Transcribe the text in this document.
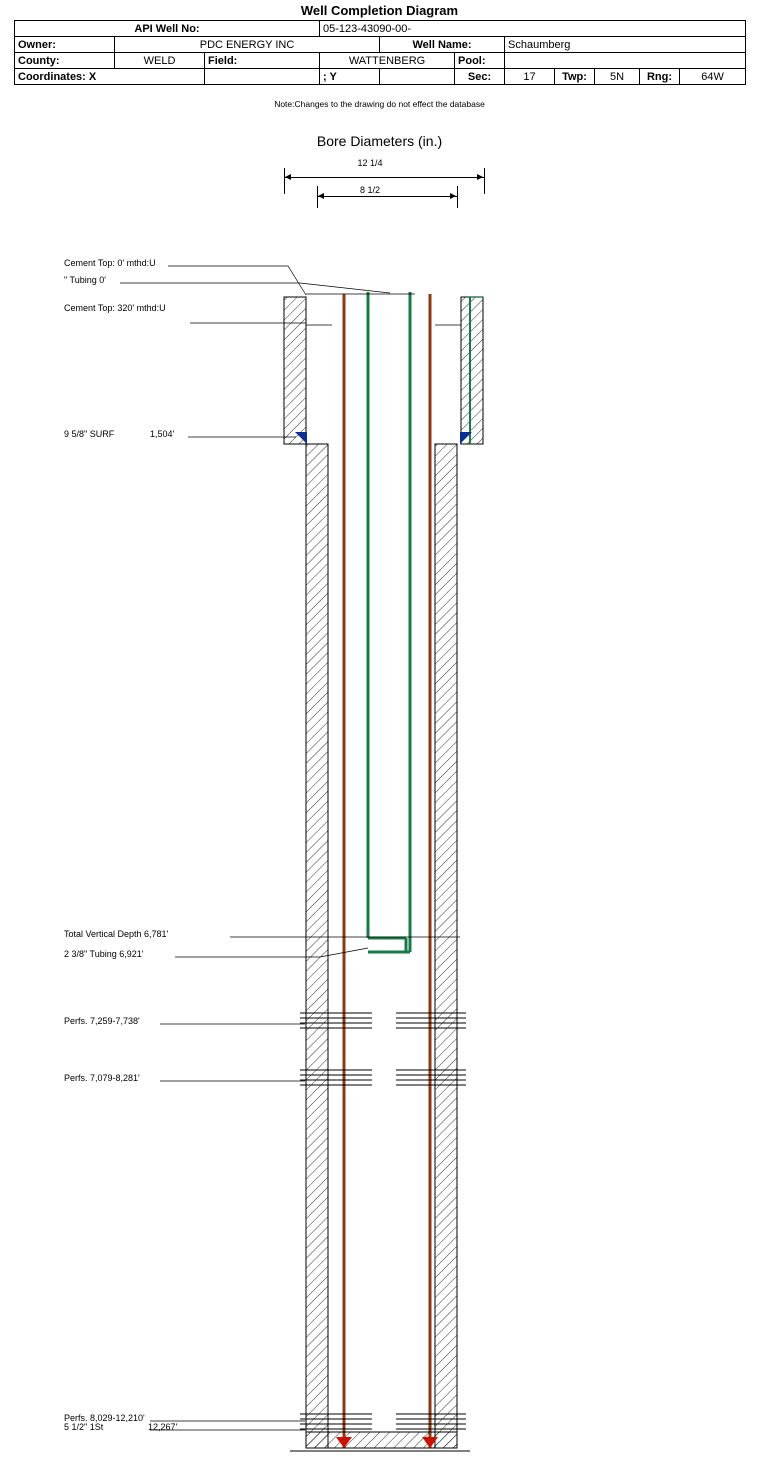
Well Completion Diagram
API Well No:			05-123-43090-00-							
Owner:	PDC ENERGY INC			Well Name:		Schaumberg				
County:	WELD	Field:	WATTENBERG		Pool:					
Coordinates: X			; Y		Sec:	17	Twp:	5N	Rng:	64W
Note:Changes to the drawing do not effect the database
Bore Diameters (in.)
12 1/4
8 1/2
Cement Top: 0' mthd:U
" Tubing 0'
Cement Top: 320' mthd:U
9 5/8" SURF	1,504'
Total Vertical Depth 6,781'
2 3/8" Tubing 6,921'
Perfs. 7,259-7,738'
Perfs. 7,079-8,281'
Perfs. 8,029-12,210'
5 1/2" 1St	12,267'
